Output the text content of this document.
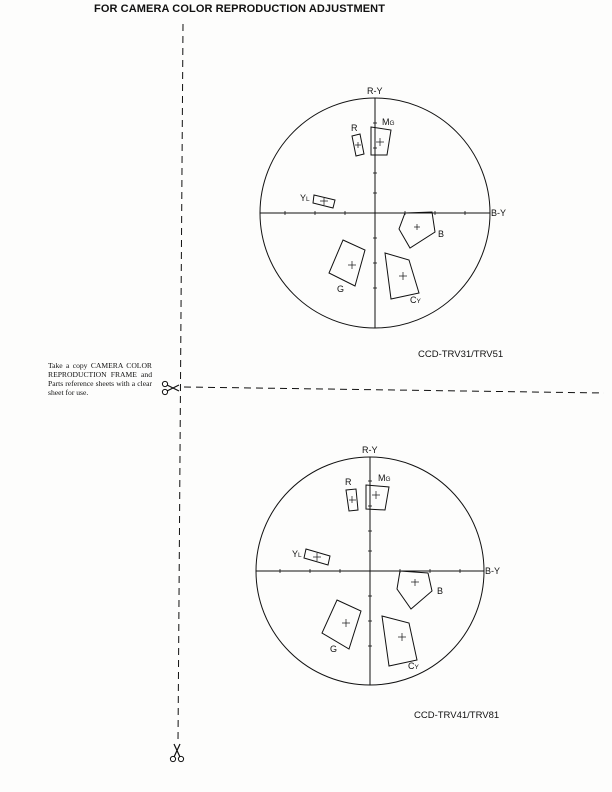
FOR CAMERA COLOR REPRODUCTION ADJUSTMENT

Take a copy CAMERA COLOR REPRODUCTION FRAME and Parts reference sheets with a clear sheet for use.

CCD-TRV31/TRV51

CCD-TRV41/TRV81

R-Y
B-Y
R
MG
YL
B
G
CY
R-Y
B-Y
R	MG
YL
B
G
CY
